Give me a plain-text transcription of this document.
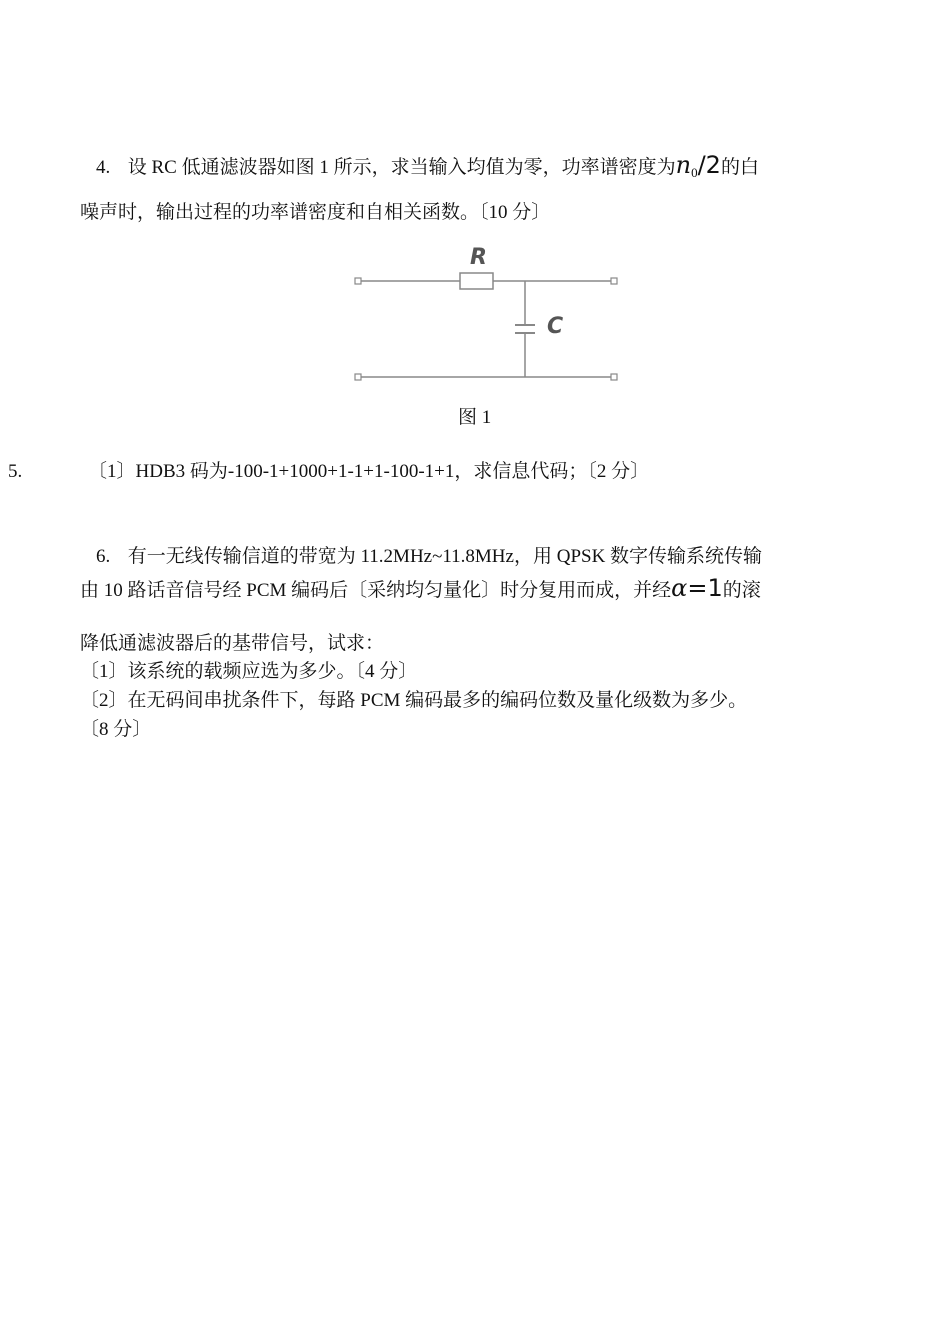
4. 设 RC 低通滤波器如图 1 所示，求当输入均值为零，功率谱密度为$n_0/2$的白
噪声时，输出过程的功率谱密度和自相关函数。〔10 分〕
R
C
图 1
5.	〔1〕HDB3 码为-100-1+1000+1-1+1-100-1+1，求信息代码；〔2 分〕
6. 有一无线传输信道的带宽为 11.2MHz~11.8MHz，用 QPSK 数字传输系统传输
由 10 路话音信号经 PCM 编码后〔采纳均匀量化〕时分复用而成，并经α=1的滚
降低通滤波器后的基带信号，试求：
〔1〕该系统的载频应选为多少。〔4 分〕
〔2〕在无码间串扰条件下，每路 PCM 编码最多的编码位数及量化级数为多少。
〔8 分〕
